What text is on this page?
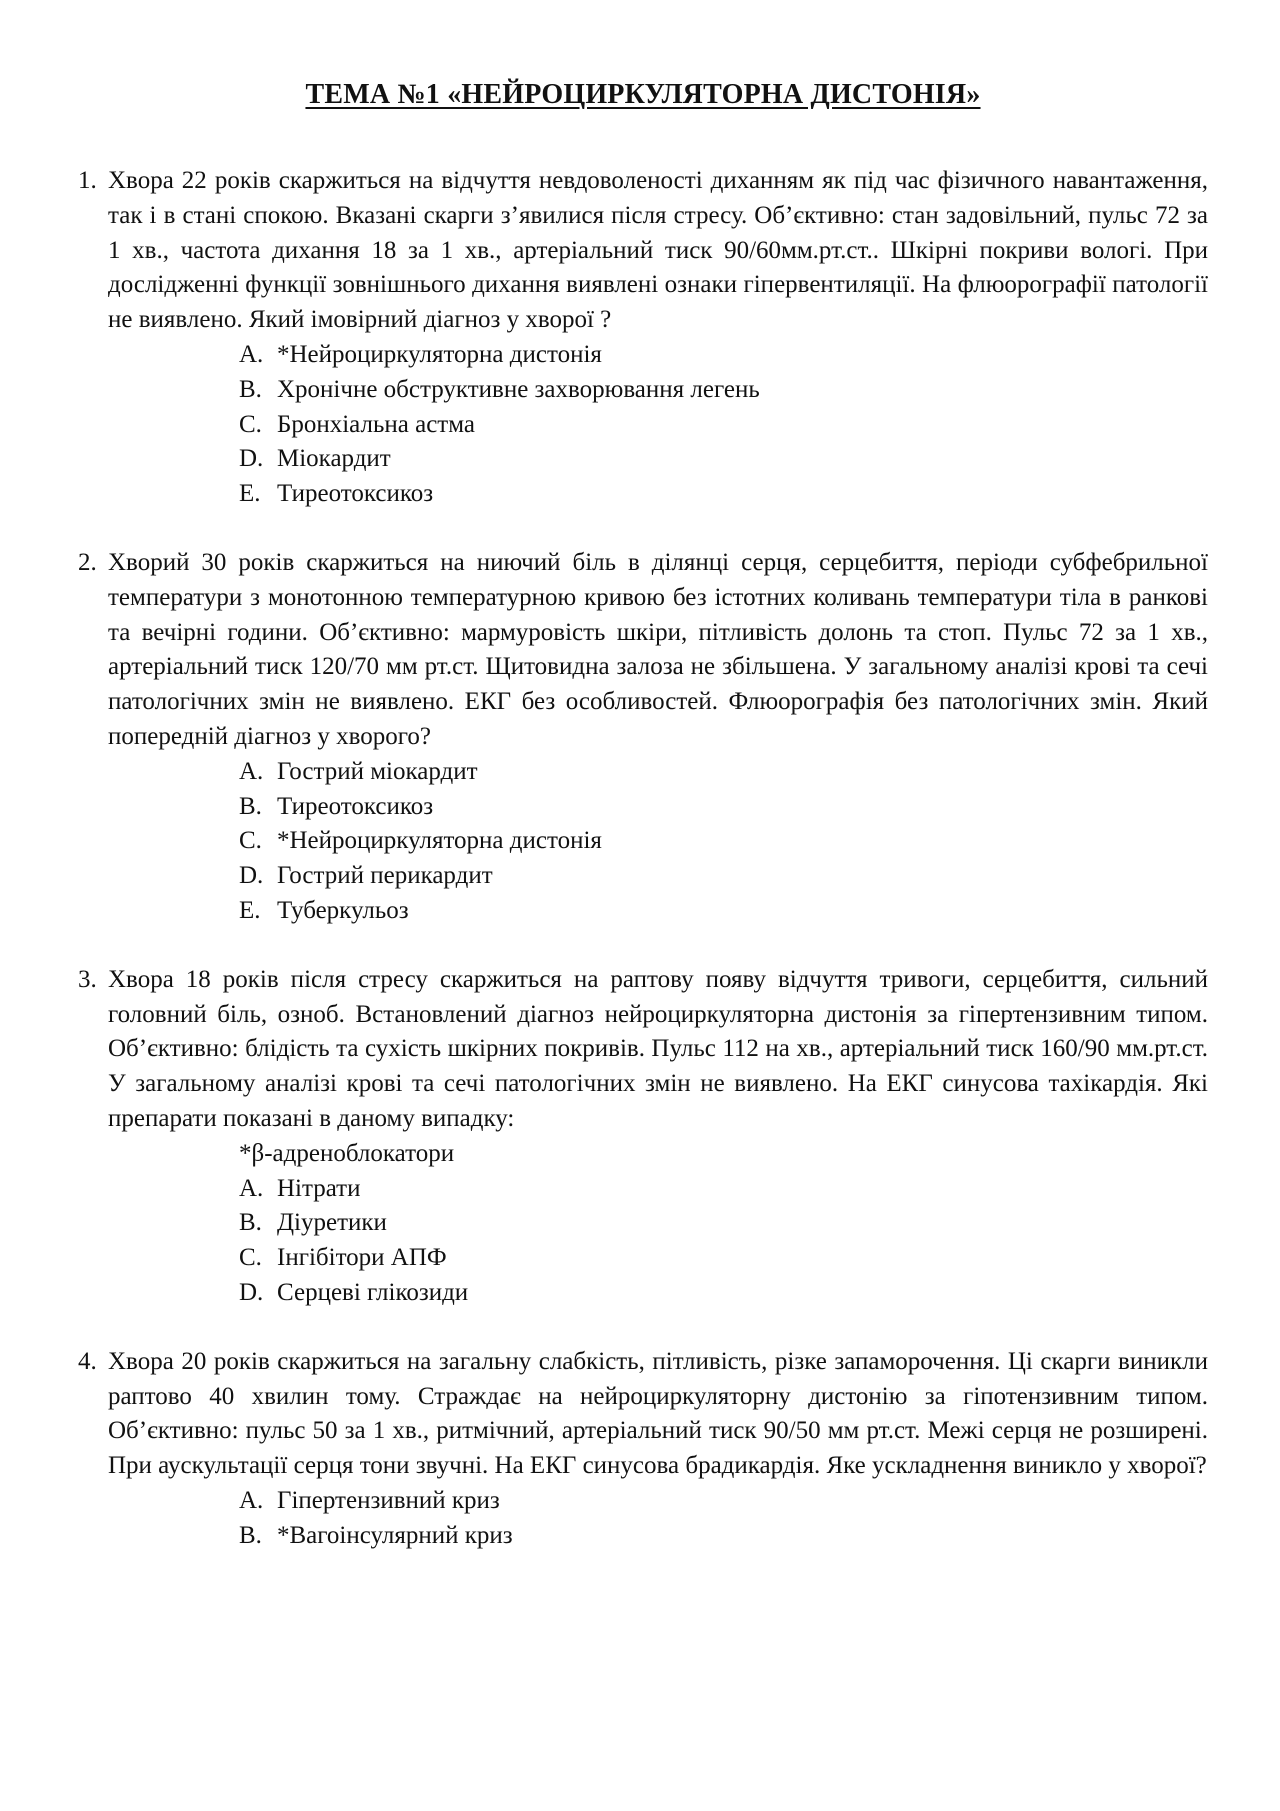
ТЕМА №1 «НЕЙРОЦИРКУЛЯТОРНА ДИСТОНІЯ»
1. Хвора 22 років скаржиться на відчуття невдоволеності диханням як під час фізичного навантаження, так і в стані спокою. Вказані скарги з’явилися після стресу. Об’єктивно: стан задовільний, пульс 72 за 1 хв., частота дихання 18 за 1 хв., артеріальний тиск 90/60мм.рт.ст.. Шкірні покриви вологі. При дослідженні функції зовнішнього дихання виявлені ознаки гіпервентиляції. На флюорографії патології не виявлено. Який імовірний діагноз у хворої ?

A. *Нейроциркуляторна дистонія
B. Хронічне обструктивне захворювання легень
C. Бронхіальна астма
D. Міокардит
E. Тиреотоксикоз
2. Хворий 30 років скаржиться на ниючий біль в ділянці серця, серцебиття, періоди субфебрильної температури з монотонною температурною кривою без істотних коливань температури тіла в ранкові та вечірні години. Об’єктивно: мармуровість шкіри, пітливість долонь та стоп. Пульс 72 за 1 хв., артеріальний тиск 120/70 мм рт.ст. Щитовидна залоза не збільшена. У загальному аналізі крові та сечі патологічних змін не виявлено. ЕКГ без особливостей. Флюорографія без патологічних змін. Який попередній діагноз у хворого?

A. Гострий міокардит
B. Тиреотоксикоз
C. *Нейроциркуляторна дистонія
D. Гострий перикардит
E. Туберкульоз
3. Хвора 18 років після стресу скаржиться на раптову появу відчуття тривоги, серцебиття, сильний головний біль, озноб. Встановлений діагноз нейроциркуляторна дистонія за гіпертензивним типом. Об’єктивно: блідість та сухість шкірних покривів. Пульс 112 на хв., артеріальний тиск 160/90 мм.рт.ст. У загальному аналізі крові та сечі патологічних змін не виявлено. На ЕКГ синусова тахікардія. Які препарати показані в даному випадку:

*β-адреноблокатори
A. Нітрати
B. Діуретики
C. Інгібітори АПФ
D. Серцеві глікозиди
4. Хвора 20 років скаржиться на загальну слабкість, пітливість, різке запаморочення. Ці скарги виникли раптово 40 хвилин тому. Страждає на нейроциркуляторну дистонію за гіпотензивним типом. Об’єктивно: пульс 50 за 1 хв., ритмічний, артеріальний тиск 90/50 мм рт.ст. Межі серця не розширені. При аускультації серця тони звучні. На ЕКГ синусова брадикардія. Яке ускладнення виникло у хворої?

A. Гіпертензивний криз
B. *Вагоінсулярний криз
